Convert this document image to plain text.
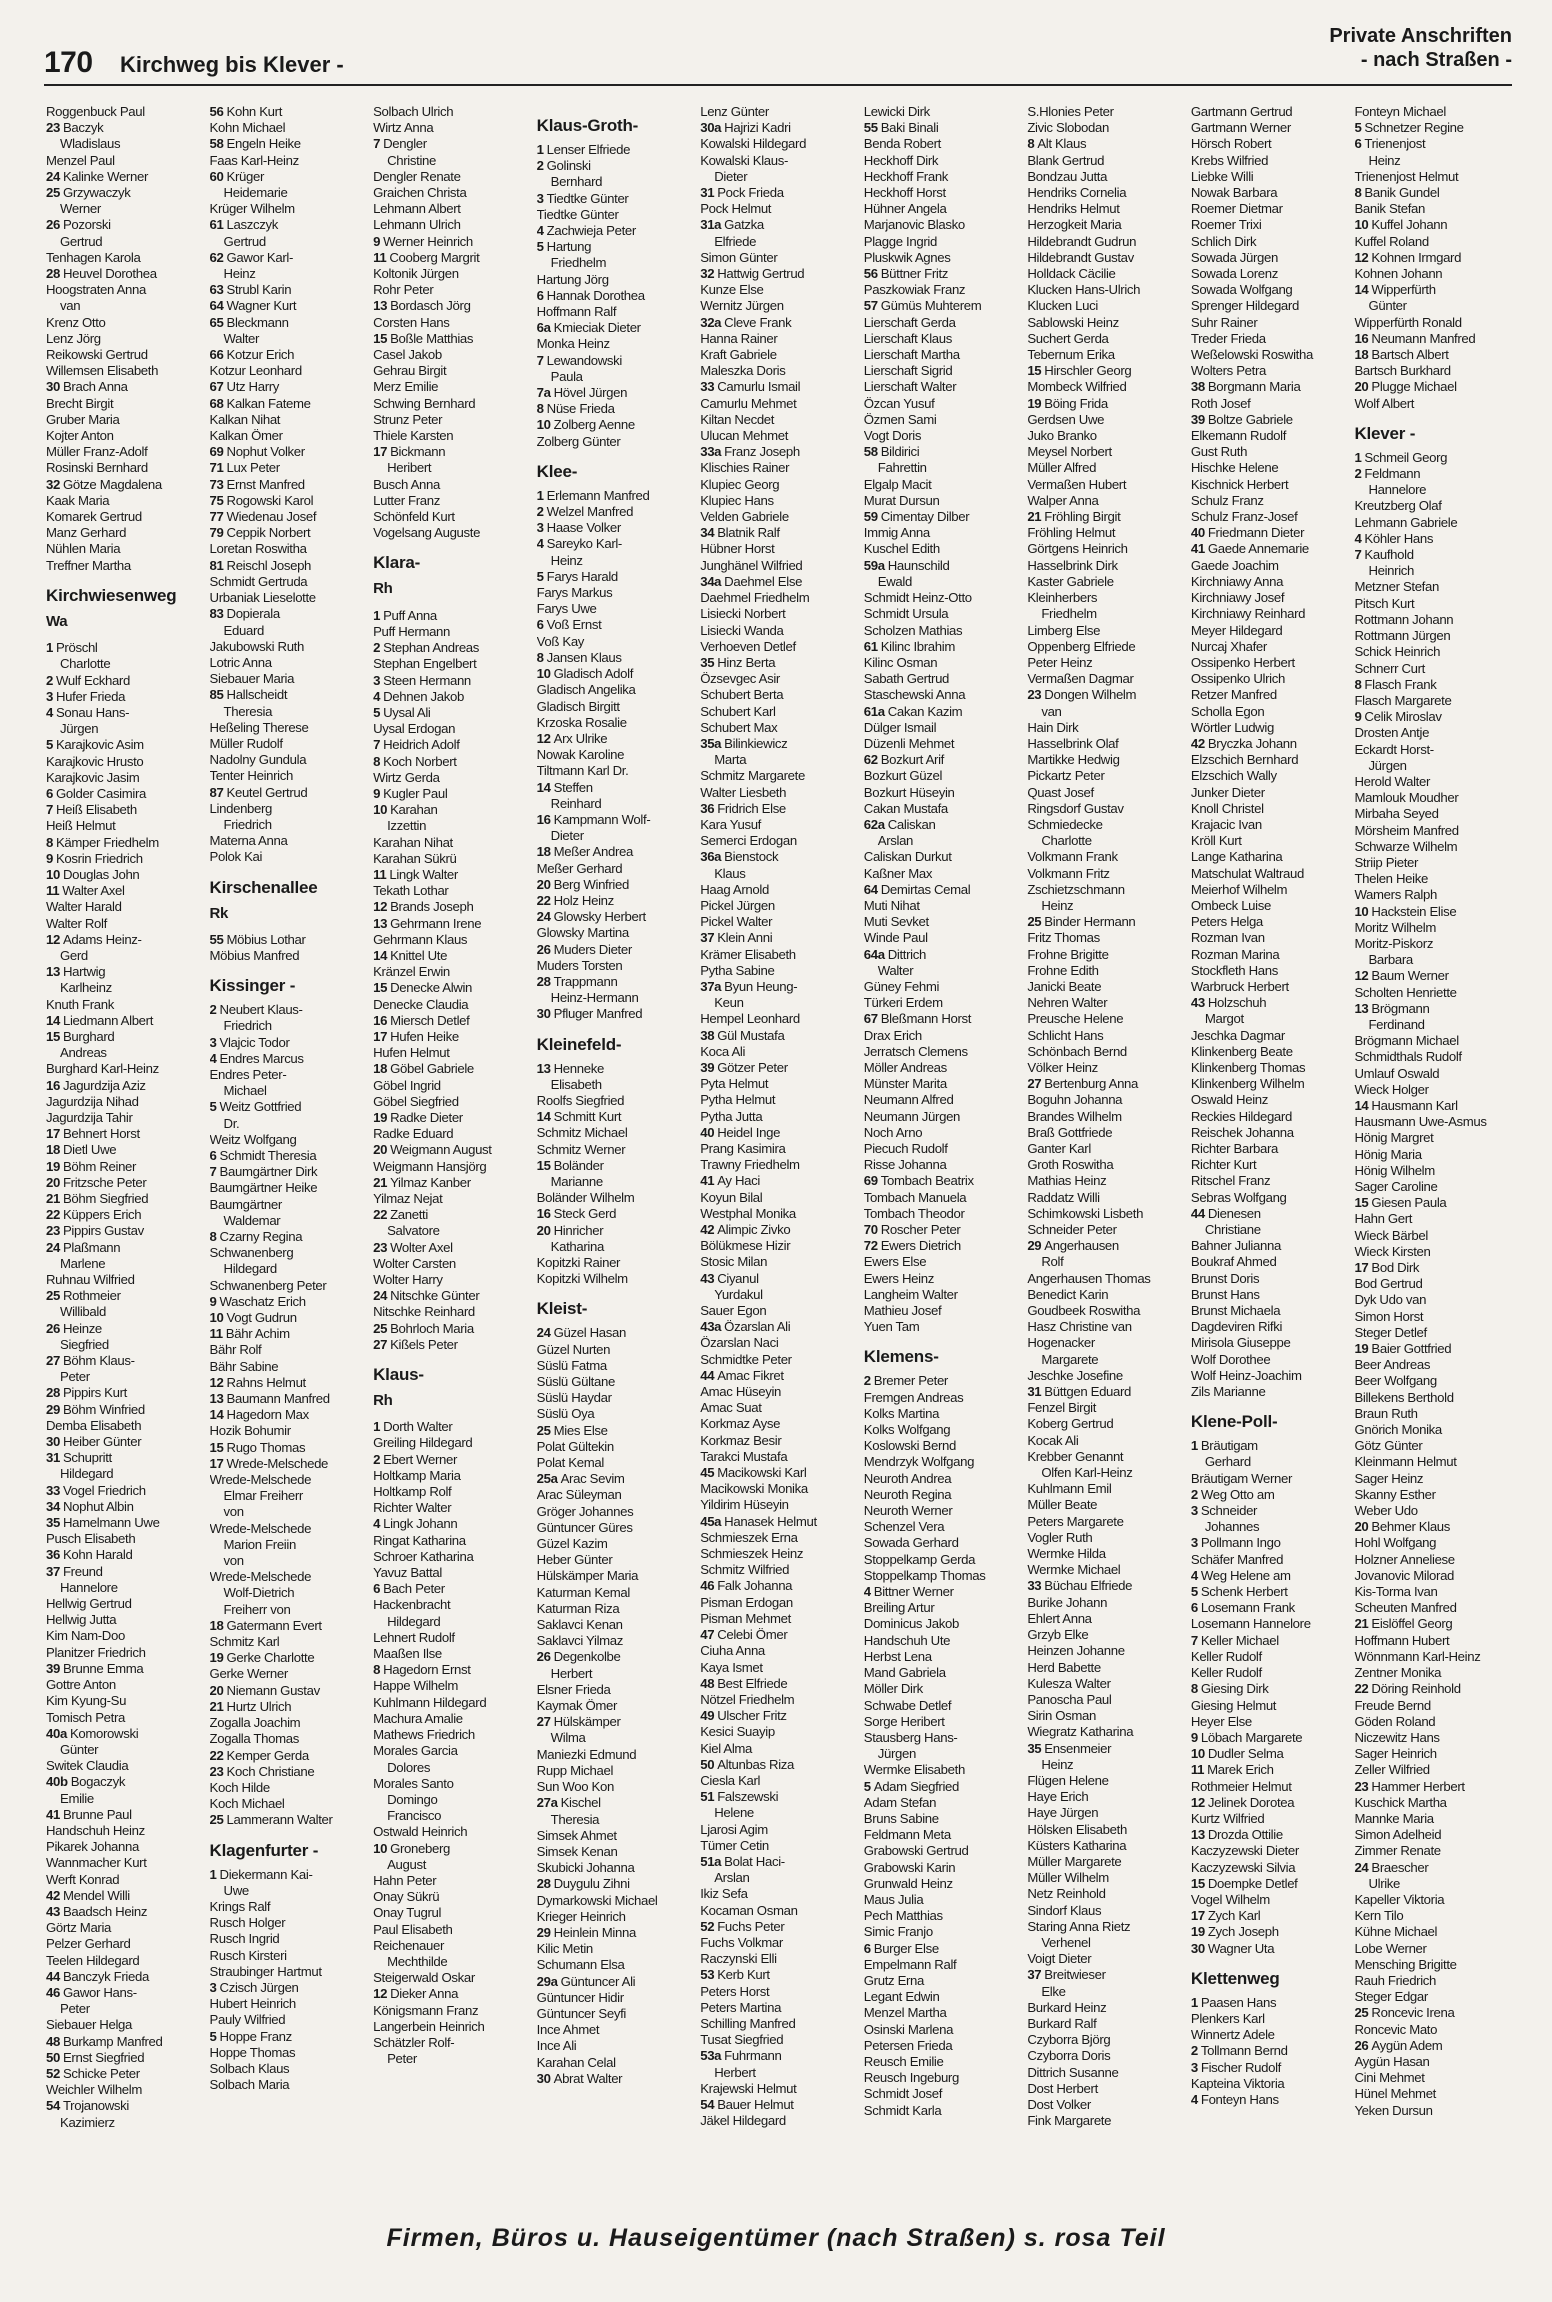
170 Kirchweg bis Klever -
Private Anschriften
- nach Straßen -
Roggenbuck Paul
23 Baczyk
Wladislaus
Menzel Paul
24 Kalinke Werner
25 Grzywaczyk
Werner
26 Pozorski
Gertrud
Tenhagen Karola
28 Heuvel Dorothea
Hoogstraten Anna
van
Krenz Otto
Lenz Jörg
Reikowski Gertrud
Willemsen Elisabeth
30 Brach Anna
Brecht Birgit
Gruber Maria
Kojter Anton
Müller Franz-Adolf
Rosinski Bernhard
32 Götze Magdalena
Kaak Maria
Komarek Gertrud
Manz Gerhard
Nühlen Maria
Treffner Martha
Kirchwiesenweg
Wa
1 Pröschl
Charlotte
2 Wulf Eckhard
3 Hufer Frieda
4 Sonau Hans-
Jürgen
5 Karajkovic Asim
Karajkovic Hrusto
Karajkovic Jasim
6 Golder Casimira
7 Heiß Elisabeth
Heiß Helmut
8 Kämper Friedhelm
9 Kosrin Friedrich
10 Douglas John
11 Walter Axel
Walter Harald
Walter Rolf
12 Adams Heinz-
Gerd
13 Hartwig
Karlheinz
Knuth Frank
14 Liedmann Albert
15 Burghard
Andreas
Burghard Karl-Heinz
16 Jagurdzija Aziz
Jagurdzija Nihad
Jagurdzija Tahir
17 Behnert Horst
18 Dietl Uwe
19 Böhm Reiner
20 Fritzsche Peter
21 Böhm Siegfried
22 Küppers Erich
23 Pippirs Gustav
24 Plaßmann
Marlene
Ruhnau Wilfried
25 Rothmeier
Willibald
26 Heinze
Siegfried
27 Böhm Klaus-
Peter
28 Pippirs Kurt
29 Böhm Winfried
Demba Elisabeth
30 Heiber Günter
31 Schupritt
Hildegard
33 Vogel Friedrich
34 Nophut Albin
35 Hamelmann Uwe
Pusch Elisabeth
36 Kohn Harald
37 Freund
Hannelore
Hellwig Gertrud
Hellwig Jutta
Kim Nam-Doo
Planitzer Friedrich
39 Brunne Emma
Gottre Anton
Kim Kyung-Su
Tomisch Petra
40a Komorowski
Günter
Switek Claudia
40b Bogaczyk
Emilie
41 Brunne Paul
Handschuh Heinz
Pikarek Johanna
Wannmacher Kurt
Werft Konrad
42 Mendel Willi
43 Baadsch Heinz
Görtz Maria
Pelzer Gerhard
Teelen Hildegard
44 Banczyk Frieda
46 Gawor Hans-
Peter
Siebauer Helga
48 Burkamp Manfred
50 Ernst Siegfried
52 Schicke Peter
Weichler Wilhelm
54 Trojanowski
Kazimierz
56 Kohn Kurt
Kohn Michael
58 Engeln Heike
Faas Karl-Heinz
60 Krüger
Heidemarie
Krüger Wilhelm
61 Laszczyk
Gertrud
62 Gawor Karl-
Heinz
63 Strubl Karin
64 Wagner Kurt
65 Bleckmann
Walter
66 Kotzur Erich
Kotzur Leonhard
67 Utz Harry
68 Kalkan Fateme
Kalkan Nihat
Kalkan Ömer
69 Nophut Volker
71 Lux Peter
73 Ernst Manfred
75 Rogowski Karol
77 Wiedenau Josef
79 Ceppik Norbert
Loretan Roswitha
81 Reischl Joseph
Schmidt Gertruda
Urbaniak Lieselotte
83 Dopierala
Eduard
Jakubowski Ruth
Lotric Anna
Siebauer Maria
85 Hallscheidt
Theresia
Heßeling Therese
Müller Rudolf
Nadolny Gundula
Tenter Heinrich
87 Keutel Gertrud
Lindenberg
Friedrich
Materna Anna
Polok Kai
Kirschenallee
Rk
55 Möbius Lothar
Möbius Manfred
Kissinger -
2 Neubert Klaus-
Friedrich
3 Vlajcic Todor
4 Endres Marcus
Endres Peter-
Michael
5 Weitz Gottfried
Dr.
Weitz Wolfgang
6 Schmidt Theresia
7 Baumgärtner Dirk
Baumgärtner Heike
Baumgärtner
Waldemar
8 Czarny Regina
Schwanenberg
Hildegard
Schwanenberg Peter
9 Waschatz Erich
10 Vogt Gudrun
11 Bähr Achim
Bähr Rolf
Bähr Sabine
12 Rahns Helmut
13 Baumann Manfred
14 Hagedorn Max
Hozik Bohumir
15 Rugo Thomas
17 Wrede-Melschede
Wrede-Melschede
Elmar Freiherr
von
Wrede-Melschede
Marion Freiin
von
Wrede-Melschede
Wolf-Dietrich
Freiherr von
18 Gatermann Evert
Schmitz Karl
19 Gerke Charlotte
Gerke Werner
20 Niemann Gustav
21 Hurtz Ulrich
Zogalla Joachim
Zogalla Thomas
22 Kemper Gerda
23 Koch Christiane
Koch Hilde
Koch Michael
25 Lammerann Walter
Klagenfurter -
1 Diekermann Kai-
Uwe
Krings Ralf
Rusch Holger
Rusch Ingrid
Rusch Kirsteri
Straubinger Hartmut
3 Czisch Jürgen
Hubert Heinrich
Pauly Wilfried
5 Hoppe Franz
Hoppe Thomas
Solbach Klaus
Solbach Maria
Solbach Ulrich
Wirtz Anna
7 Dengler
Christine
Dengler Renate
Graichen Christa
Lehmann Albert
Lehmann Ulrich
9 Werner Heinrich
11 Cooberg Margrit
Koltonik Jürgen
Rohr Peter
13 Bordasch Jörg
Corsten Hans
15 Boßle Matthias
Casel Jakob
Gehrau Birgit
Merz Emilie
Schwing Bernhard
Strunz Peter
Thiele Karsten
17 Bickmann
Heribert
Busch Anna
Lutter Franz
Schönfeld Kurt
Vogelsang Auguste
Klara-
Rh
1 Puff Anna
Puff Hermann
2 Stephan Andreas
Stephan Engelbert
3 Steen Hermann
4 Dehnen Jakob
5 Uysal Ali
Uysal Erdogan
7 Heidrich Adolf
8 Koch Norbert
Wirtz Gerda
9 Kugler Paul
10 Karahan
Izzettin
Karahan Nihat
Karahan Sükrü
11 Lingk Walter
Tekath Lothar
12 Brands Joseph
13 Gehrmann Irene
Gehrmann Klaus
14 Knittel Ute
Kränzel Erwin
15 Denecke Alwin
Denecke Claudia
16 Miersch Detlef
17 Hufen Heike
Hufen Helmut
18 Göbel Gabriele
Göbel Ingrid
Göbel Siegfried
19 Radke Dieter
Radke Eduard
20 Weigmann August
Weigmann Hansjörg
21 Yilmaz Kanber
Yilmaz Nejat
22 Zanetti
Salvatore
23 Wolter Axel
Wolter Carsten
Wolter Harry
24 Nitschke Günter
Nitschke Reinhard
25 Bohrloch Maria
27 Kißels Peter
Klaus-
Rh
1 Dorth Walter
Greiling Hildegard
2 Ebert Werner
Holtkamp Maria
Holtkamp Rolf
Richter Walter
4 Lingk Johann
Ringat Katharina
Schroer Katharina
Yavuz Battal
6 Bach Peter
Hackenbracht
Hildegard
Lehnert Rudolf
Maaßen Ilse
8 Hagedorn Ernst
Happe Wilhelm
Kuhlmann Hildegard
Machura Amalie
Mathews Friedrich
Morales Garcia
Dolores
Morales Santo
Domingo
Francisco
Ostwald Heinrich
10 Groneberg
August
Hahn Peter
Onay Sükrü
Onay Tugrul
Paul Elisabeth
Reichenauer
Mechthilde
Steigerwald Oskar
12 Dieker Anna
Königsmann Franz
Langerbein Heinrich
Schätzler Rolf-
Peter
Klaus-Groth-
1 Lenser Elfriede
2 Golinski
Bernhard
3 Tiedtke Günter
Tiedtke Günter
4 Zachwieja Peter
5 Hartung
Friedhelm
Hartung Jörg
6 Hannak Dorothea
Hoffmann Ralf
6a Kmieciak Dieter
Monka Heinz
7 Lewandowski
Paula
7a Hövel Jürgen
8 Nüse Frieda
10 Zolberg Aenne
Zolberg Günter
Klee-
1 Erlemann Manfred
2 Welzel Manfred
3 Haase Volker
4 Sareyko Karl-
Heinz
5 Farys Harald
Farys Markus
Farys Uwe
6 Voß Ernst
Voß Kay
8 Jansen Klaus
10 Gladisch Adolf
Gladisch Angelika
Gladisch Birgitt
Krzoska Rosalie
12 Arx Ulrike
Nowak Karoline
Tiltmann Karl Dr.
14 Steffen
Reinhard
16 Kampmann Wolf-
Dieter
18 Meßer Andrea
Meßer Gerhard
20 Berg Winfried
22 Holz Heinz
24 Glowsky Herbert
Glowsky Martina
26 Muders Dieter
Muders Torsten
28 Trappmann
Heinz-Hermann
30 Pfluger Manfred
Kleinefeld-
13 Henneke
Elisabeth
Roolfs Siegfried
14 Schmitt Kurt
Schmitz Michael
Schmitz Werner
15 Boländer
Marianne
Boländer Wilhelm
16 Steck Gerd
20 Hinricher
Katharina
Kopitzki Rainer
Kopitzki Wilhelm
Kleist-
24 Güzel Hasan
Güzel Nurten
Süslü Fatma
Süslü Gültane
Süslü Haydar
Süslü Oya
25 Mies Else
Polat Gültekin
Polat Kemal
25a Arac Sevim
Arac Süleyman
Gröger Johannes
Güntuncer Güres
Güzel Kazim
Heber Günter
Hülskämper Maria
Katurman Kemal
Katurman Riza
Saklavci Kenan
Saklavci Yilmaz
26 Degenkolbe
Herbert
Elsner Frieda
Kaymak Ömer
27 Hülskämper
Wilma
Maniezki Edmund
Rupp Michael
Sun Woo Kon
27a Kischel
Theresia
Simsek Ahmet
Simsek Kenan
Skubicki Johanna
28 Duygulu Zihni
Dymarkowski Michael
Krieger Heinrich
29 Heinlein Minna
Kilic Metin
Schumann Elsa
29a Güntuncer Ali
Güntuncer Hidir
Güntuncer Seyfi
Ince Ahmet
Ince Ali
Karahan Celal
30 Abrat Walter
Lenz Günter
30a Hajrizi Kadri
Kowalski Hildegard
Kowalski Klaus-
Dieter
31 Pock Frieda
Pock Helmut
31a Gatzka
Elfriede
Simon Günter
32 Hattwig Gertrud
Kunze Else
Wernitz Jürgen
32a Cleve Frank
Hanna Rainer
Kraft Gabriele
Maleszka Doris
33 Camurlu Ismail
Camurlu Mehmet
Kiltan Necdet
Ulucan Mehmet
33a Franz Joseph
Klischies Rainer
Klupiec Georg
Klupiec Hans
Velden Gabriele
34 Blatnik Ralf
Hübner Horst
Junghänel Wilfried
34a Daehmel Else
Daehmel Friedhelm
Lisiecki Norbert
Lisiecki Wanda
Verhoeven Detlef
35 Hinz Berta
Özsevgec Asir
Schubert Berta
Schubert Karl
Schubert Max
35a Bilinkiewicz
Marta
Schmitz Margarete
Walter Liesbeth
36 Fridrich Else
Kara Yusuf
Semerci Erdogan
36a Bienstock
Klaus
Haag Arnold
Pickel Jürgen
Pickel Walter
37 Klein Anni
Krämer Elisabeth
Pytha Sabine
37a Byun Heung-
Keun
Hempel Leonhard
38 Gül Mustafa
Koca Ali
39 Götzer Peter
Pyta Helmut
Pytha Helmut
Pytha Jutta
40 Heidel Inge
Prang Kasimira
Trawny Friedhelm
41 Ay Haci
Koyun Bilal
Westphal Monika
42 Alimpic Zivko
Bölükmese Hizir
Stosic Milan
43 Ciyanul
Yurdakul
Sauer Egon
43a Özarslan Ali
Özarslan Naci
Schmidtke Peter
44 Amac Fikret
Amac Hüseyin
Amac Suat
Korkmaz Ayse
Korkmaz Besir
Tarakci Mustafa
45 Macikowski Karl
Macikowski Monika
Yildirim Hüseyin
45a Hanasek Helmut
Schmieszek Erna
Schmieszek Heinz
Schmitz Wilfried
46 Falk Johanna
Pisman Erdogan
Pisman Mehmet
47 Celebi Ömer
Ciuha Anna
Kaya Ismet
48 Best Elfriede
Nötzel Friedhelm
49 Ulscher Fritz
Kesici Suayip
Kiel Alma
50 Altunbas Riza
Ciesla Karl
51 Falszewski
Helene
Ljarosi Agim
Tümer Cetin
51a Bolat Haci-
Arslan
Ikiz Sefa
Kocaman Osman
52 Fuchs Peter
Fuchs Volkmar
Raczynski Elli
53 Kerb Kurt
Peters Horst
Peters Martina
Schilling Manfred
Tusat Siegfried
53a Fuhrmann
Herbert
Krajewski Helmut
54 Bauer Helmut
Jäkel Hildegard
Lewicki Dirk
55 Baki Binali
Benda Robert
Heckhoff Dirk
Heckhoff Frank
Heckhoff Horst
Hühner Angela
Marjanovic Blasko
Plagge Ingrid
Pluskwik Agnes
56 Büttner Fritz
Paszkowiak Franz
57 Gümüs Muhterem
Lierschaft Gerda
Lierschaft Klaus
Lierschaft Martha
Lierschaft Sigrid
Lierschaft Walter
Özcan Yusuf
Özmen Sami
Vogt Doris
58 Bildirici
Fahrettin
Elgalp Macit
Murat Dursun
59 Cimentay Dilber
Immig Anna
Kuschel Edith
59a Haunschild
Ewald
Schmidt Heinz-Otto
Schmidt Ursula
Scholzen Mathias
61 Kilinc Ibrahim
Kilinc Osman
Sabath Gertrud
Staschewski Anna
61a Cakan Kazim
Dülger Ismail
Düzenli Mehmet
62 Bozkurt Arif
Bozkurt Güzel
Bozkurt Hüseyin
Cakan Mustafa
62a Caliskan
Arslan
Caliskan Durkut
Kaßner Max
64 Demirtas Cemal
Muti Nihat
Muti Sevket
Winde Paul
64a Dittrich
Walter
Güney Fehmi
Türkeri Erdem
67 Bleßmann Horst
Drax Erich
Jerratsch Clemens
Möller Andreas
Münster Marita
Neumann Alfred
Neumann Jürgen
Noch Arno
Piecuch Rudolf
Risse Johanna
69 Tombach Beatrix
Tombach Manuela
Tombach Theodor
70 Roscher Peter
72 Ewers Dietrich
Ewers Else
Ewers Heinz
Langheim Walter
Mathieu Josef
Yuen Tam
Klemens-
2 Bremer Peter
Fremgen Andreas
Kolks Martina
Kolks Wolfgang
Koslowski Bernd
Mendrzyk Wolfgang
Neuroth Andrea
Neuroth Regina
Neuroth Werner
Schenzel Vera
Sowada Gerhard
Stoppelkamp Gerda
Stoppelkamp Thomas
4 Bittner Werner
Breiling Artur
Dominicus Jakob
Handschuh Ute
Herbst Lena
Mand Gabriela
Möller Dirk
Schwabe Detlef
Sorge Heribert
Stausberg Hans-
Jürgen
Wermke Elisabeth
5 Adam Siegfried
Adam Stefan
Bruns Sabine
Feldmann Meta
Grabowski Gertrud
Grabowski Karin
Grunwald Heinz
Maus Julia
Pech Matthias
Simic Franjo
6 Burger Else
Empelmann Ralf
Grutz Erna
Legant Edwin
Menzel Martha
Osinski Marlena
Petersen Frieda
Reusch Emilie
Reusch Ingeburg
Schmidt Josef
Schmidt Karla
S.Hlonies Peter
Zivic Slobodan
8 Alt Klaus
Blank Gertrud
Bondzau Jutta
Hendriks Cornelia
Hendriks Helmut
Herzogkeit Maria
Hildebrandt Gudrun
Hildebrandt Gustav
Holldack Cäcilie
Klucken Hans-Ulrich
Klucken Luci
Sablowski Heinz
Suchert Gerda
Tebernum Erika
15 Hirschler Georg
Mombeck Wilfried
19 Böing Frida
Gerdsen Uwe
Juko Branko
Meysel Norbert
Müller Alfred
Vermaßen Hubert
Walper Anna
21 Fröhling Birgit
Fröhling Helmut
Görtgens Heinrich
Hasselbrink Dirk
Kaster Gabriele
Kleinherbers
Friedhelm
Limberg Else
Oppenberg Elfriede
Peter Heinz
Vermaßen Dagmar
23 Dongen Wilhelm
van
Hain Dirk
Hasselbrink Olaf
Martikke Hedwig
Pickartz Peter
Quast Josef
Ringsdorf Gustav
Schmiedecke
Charlotte
Volkmann Frank
Volkmann Fritz
Zschietzschmann
Heinz
25 Binder Hermann
Fritz Thomas
Frohne Brigitte
Frohne Edith
Janicki Beate
Nehren Walter
Preusche Helene
Schlicht Hans
Schönbach Bernd
Völker Heinz
27 Bertenburg Anna
Boguhn Johanna
Brandes Wilhelm
Braß Gottfriede
Ganter Karl
Groth Roswitha
Mathias Heinz
Raddatz Willi
Schimkowski Lisbeth
Schneider Peter
29 Angerhausen
Rolf
Angerhausen Thomas
Benedict Karin
Goudbeek Roswitha
Hasz Christine van
Hogenacker
Margarete
Jeschke Josefine
31 Büttgen Eduard
Fenzel Birgit
Koberg Gertrud
Kocak Ali
Krebber Genannt
Olfen Karl-Heinz
Kuhlmann Emil
Müller Beate
Peters Margarete
Vogler Ruth
Wermke Hilda
Wermke Michael
33 Büchau Elfriede
Burike Johann
Ehlert Anna
Grzyb Elke
Heinzen Johanne
Herd Babette
Kulesza Walter
Panoscha Paul
Sirin Osman
Wiegratz Katharina
35 Ensenmeier
Heinz
Flügen Helene
Haye Erich
Haye Jürgen
Hölsken Elisabeth
Küsters Katharina
Müller Margarete
Müller Wilhelm
Netz Reinhold
Sindorf Klaus
Staring Anna Rietz
Verhenel
Voigt Dieter
37 Breitwieser
Elke
Burkard Heinz
Burkard Ralf
Czyborra Björg
Czyborra Doris
Dittrich Susanne
Dost Herbert
Dost Volker
Fink Margarete
Gartmann Gertrud
Gartmann Werner
Hörsch Robert
Krebs Wilfried
Liebke Willi
Nowak Barbara
Roemer Dietmar
Roemer Trixi
Schlich Dirk
Sowada Jürgen
Sowada Lorenz
Sowada Wolfgang
Sprenger Hildegard
Suhr Rainer
Treder Frieda
Weßelowski Roswitha
Wolters Petra
38 Borgmann Maria
Roth Josef
39 Boltze Gabriele
Elkemann Rudolf
Gust Ruth
Hischke Helene
Kischnick Herbert
Schulz Franz
Schulz Franz-Josef
40 Friedmann Dieter
41 Gaede Annemarie
Gaede Joachim
Kirchniawy Anna
Kirchniawy Josef
Kirchniawy Reinhard
Meyer Hildegard
Nurcaj Xhafer
Ossipenko Herbert
Ossipenko Ulrich
Retzer Manfred
Scholla Egon
Wörtler Ludwig
42 Bryczka Johann
Elzschich Bernhard
Elzschich Wally
Junker Dieter
Knoll Christel
Krajacic Ivan
Kröll Kurt
Lange Katharina
Matschulat Waltraud
Meierhof Wilhelm
Ombeck Luise
Peters Helga
Rozman Ivan
Rozman Marina
Stockfleth Hans
Warbruck Herbert
43 Holzschuh
Margot
Jeschka Dagmar
Klinkenberg Beate
Klinkenberg Thomas
Klinkenberg Wilhelm
Oswald Heinz
Reckies Hildegard
Reischek Johanna
Richter Barbara
Richter Kurt
Ritschel Franz
Sebras Wolfgang
44 Dienesen
Christiane
Bahner Julianna
Boukraf Ahmed
Brunst Doris
Brunst Hans
Brunst Michaela
Dagdeviren Rifki
Mirisola Giuseppe
Wolf Dorothee
Wolf Heinz-Joachim
Zils Marianne
Klene-Poll-
1 Bräutigam
Gerhard
Bräutigam Werner
2 Weg Otto am
3 Schneider
Johannes
3 Pollmann Ingo
Schäfer Manfred
4 Weg Helene am
5 Schenk Herbert
6 Losemann Frank
Losemann Hannelore
7 Keller Michael
Keller Rudolf
Keller Rudolf
8 Giesing Dirk
Giesing Helmut
Heyer Else
9 Löbach Margarete
10 Dudler Selma
11 Marek Erich
Rothmeier Helmut
12 Jelinek Dorotea
Kurtz Wilfried
13 Drozda Ottilie
Kaczyzewski Dieter
Kaczyzewski Silvia
15 Doempke Detlef
Vogel Wilhelm
17 Zych Karl
19 Zych Joseph
30 Wagner Uta
Klettenweg
1 Paasen Hans
Plenkers Karl
Winnertz Adele
2 Tollmann Bernd
3 Fischer Rudolf
Kapteina Viktoria
4 Fonteyn Hans
Fonteyn Michael
5 Schnetzer Regine
6 Trienenjost
Heinz
Trienenjost Helmut
8 Banik Gundel
Banik Stefan
10 Kuffel Johann
Kuffel Roland
12 Kohnen Irmgard
Kohnen Johann
14 Wipperfürth
Günter
Wipperfürth Ronald
16 Neumann Manfred
18 Bartsch Albert
Bartsch Burkhard
20 Plugge Michael
Wolf Albert
Klever -
1 Schmeil Georg
2 Feldmann
Hannelore
Kreutzberg Olaf
Lehmann Gabriele
4 Köhler Hans
7 Kaufhold
Heinrich
Metzner Stefan
Pitsch Kurt
Rottmann Johann
Rottmann Jürgen
Schick Heinrich
Schnerr Curt
8 Flasch Frank
Flasch Margarete
9 Celik Miroslav
Drosten Antje
Eckardt Horst-
Jürgen
Herold Walter
Mamlouk Moudher
Mirbaha Seyed
Mörsheim Manfred
Schwarze Wilhelm
Striip Pieter
Thelen Heike
Wamers Ralph
10 Hackstein Elise
Moritz Wilhelm
Moritz-Piskorz
Barbara
12 Baum Werner
Scholten Henriette
13 Brögmann
Ferdinand
Brögmann Michael
Schmidthals Rudolf
Umlauf Oswald
Wieck Holger
14 Hausmann Karl
Hausmann Uwe-Asmus
Hönig Margret
Hönig Maria
Hönig Wilhelm
Sager Caroline
15 Giesen Paula
Hahn Gert
Wieck Bärbel
Wieck Kirsten
17 Bod Dirk
Bod Gertrud
Dyk Udo van
Simon Horst
Steger Detlef
19 Baier Gottfried
Beer Andreas
Beer Wolfgang
Billekens Berthold
Braun Ruth
Gnörich Monika
Götz Günter
Kleinmann Helmut
Sager Heinz
Skanny Esther
Weber Udo
20 Behmer Klaus
Hohl Wolfgang
Holzner Anneliese
Jovanovic Milorad
Kis-Torma Ivan
Scheuten Manfred
21 Eislöffel Georg
Hoffmann Hubert
Wönnmann Karl-Heinz
Zentner Monika
22 Döring Reinhold
Freude Bernd
Göden Roland
Niczewitz Hans
Sager Heinrich
Zeller Wilfried
23 Hammer Herbert
Kuschick Martha
Mannke Maria
Simon Adelheid
Zimmer Renate
24 Braescher
Ulrike
Kapeller Viktoria
Kern Tilo
Kühne Michael
Lobe Werner
Mensching Brigitte
Rauh Friedrich
Steger Edgar
25 Roncevic Irena
Roncevic Mato
26 Aygün Adem
Aygün Hasan
Cini Mehmet
Hünel Mehmet
Yeken Dursun
Firmen, Büros u. Hauseigentümer (nach Straßen) s. rosa Teil
